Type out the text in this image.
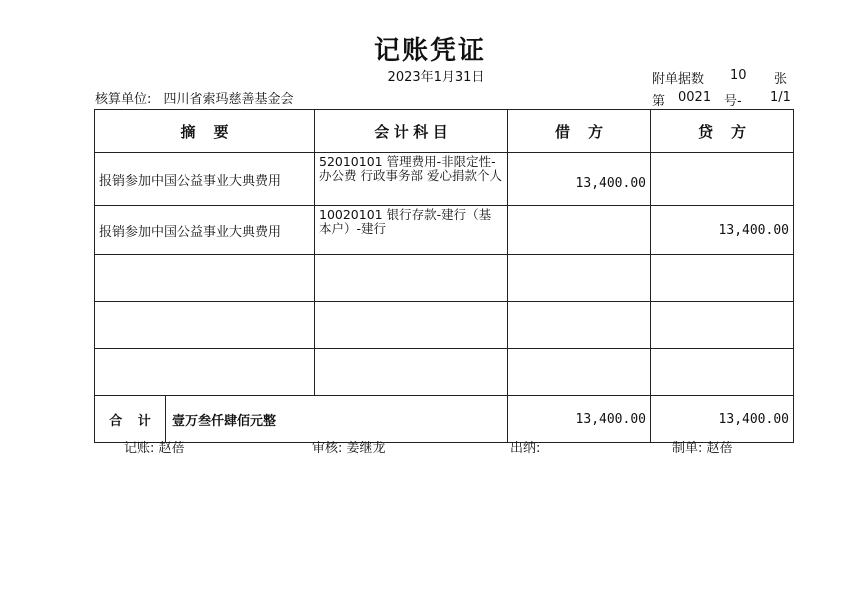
记账凭证
2023年1月31日
核算单位: 四川省索玛慈善基金会
附单据数 10 张
第 0021 号- 1/1
摘要	会计科目	借方	贷方
报销参加中国公益事业大典费用	52010101 管理费用-非限定性-办公费 行政事务部 爱心捐款个人	13,400.00	
报销参加中国公益事业大典费用	10020101 银行存款-建行（基本户）-建行		13,400.00

合计 壹万叁仟肆佰元整		13,400.00	13,400.00
记账: 赵蓓	审核: 姜继龙	出纳:	制单: 赵蓓
